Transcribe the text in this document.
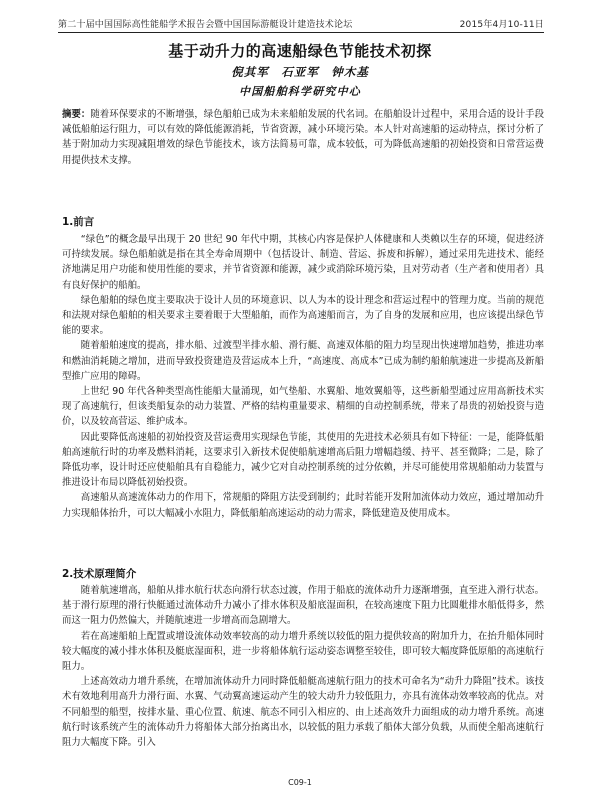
第二十届中国国际高性能船学术报告会暨中国国际游艇设计建造技术论坛	2015年4月10-11日
基于动升力的高速船绿色节能技术初探
倪其军　石亚军　钟木基
中国船舶科学研究中心
摘要：随着环保要求的不断增强，绿色船舶已成为未来船舶发展的代名词。在船舶设计过程中，采用合适的设计手段减低船舶运行阻力，可以有效的降低能源消耗，节省资源，减小环境污染。本人针对高速船的运动特点，探讨分析了基于附加动力实现减阻增效的绿色节能技术，该方法简易可靠，成本较低，可为降低高速船的初始投资和日常营运费用提供技术支撑。
1.前言

“绿色”的概念最早出现于 20 世纪 90 年代中期，其核心内容是保护人体健康和人类赖以生存的环境，促进经济可持续发展。绿色船舶就是指在其全寿命周期中（包括设计、制造、营运、拆废和拆解），通过采用先进技术、能经济地满足用户功能和使用性能的要求，并节省资源和能源，减少或消除环境污染，且对劳动者（生产者和使用者）具有良好保护的船舶。

绿色船舶的绿色度主要取决于设计人员的环境意识、以人为本的设计理念和营运过程中的管理力度。当前的规范和法规对绿色船舶的相关要求主要着眼于大型船舶，而作为高速船而言，为了自身的发展和应用，也应该提出绿色节能的要求。

随着船舶速度的提高，排水船、过渡型半排水船、滑行艇、高速双体船的阻力均呈现出快速增加趋势，推进功率和燃油消耗随之增加，进而导致投资建造及营运成本上升，“高速度、高成本”已成为制约船舶航速进一步提高及新船型推广应用的障碍。

上世纪 90 年代各种类型高性能船大量涌现，如气垫船、水翼船、地效翼船等，这些新船型通过应用高新技术实现了高速航行，但该类船复杂的动力装置、严格的结构重量要求、精细的自动控制系统，带来了昂贵的初始投资与造价，以及较高营运、维护成本。

因此要降低高速船的初始投资及营运费用实现绿色节能，其使用的先进技术必须具有如下特征：一是，能降低船舶高速航行时的功率及燃料消耗，这要求引入新技术促使船航速增高后阻力增幅趋缓、持平、甚至微降；二是，除了降低功率，设计时还应使船舶具有自稳能力，减少它对自动控制系统的过分依赖，并尽可能使用常规船舶动力装置与推进设计布局以降低初始投资。

高速船从高速流体动力的作用下，常规船的降阻方法受到制约；此时若能开发附加流体动力效应，通过增加动升力实现船体抬升，可以大幅减小水阻力，降低船舶高速运动的动力需求，降低建造及使用成本。

2.技术原理简介

随着航速增高，船舶从排水航行状态向滑行状态过渡，作用于船底的流体动升力逐渐增强，直至进入滑行状态。基于滑行原理的滑行快艇通过流体动升力减小了排水体积及船底湿面积，在较高速度下阻力比圆舭排水船低得多，然而这一阻力仍然偏大，并随航速进一步增高而急剧增大。

若在高速船舶上配置或增设流体动效率较高的动力增升系统以较低的阻力提供较高的附加升力，在抬升船体同时较大幅度的减小排水体积及艇底湿面积，进一步将船体航行运动姿态调整至较佳，即可较大幅度降低原船的高速航行阻力。

上述高效动力增升系统，在增加流体动升力同时降低船艇高速航行阻力的技术可命名为“动升力降阻”技术。该技术有效地利用高升力滑行面、水翼、气动翼高速运动产生的较大动升力较低阻力，亦具有流体动效率较高的优点。对不同船型的船型，按排水量、重心位置、航速、航态不同引入相应的、由上述高效升力面组成的动力增升系统。高速航行时该系统产生的流体动升力将船体大部分抬离出水，以较低的阻力承载了船体大部分负载，从而使全船高速航行阻力大幅度下降。引入

C09-1
